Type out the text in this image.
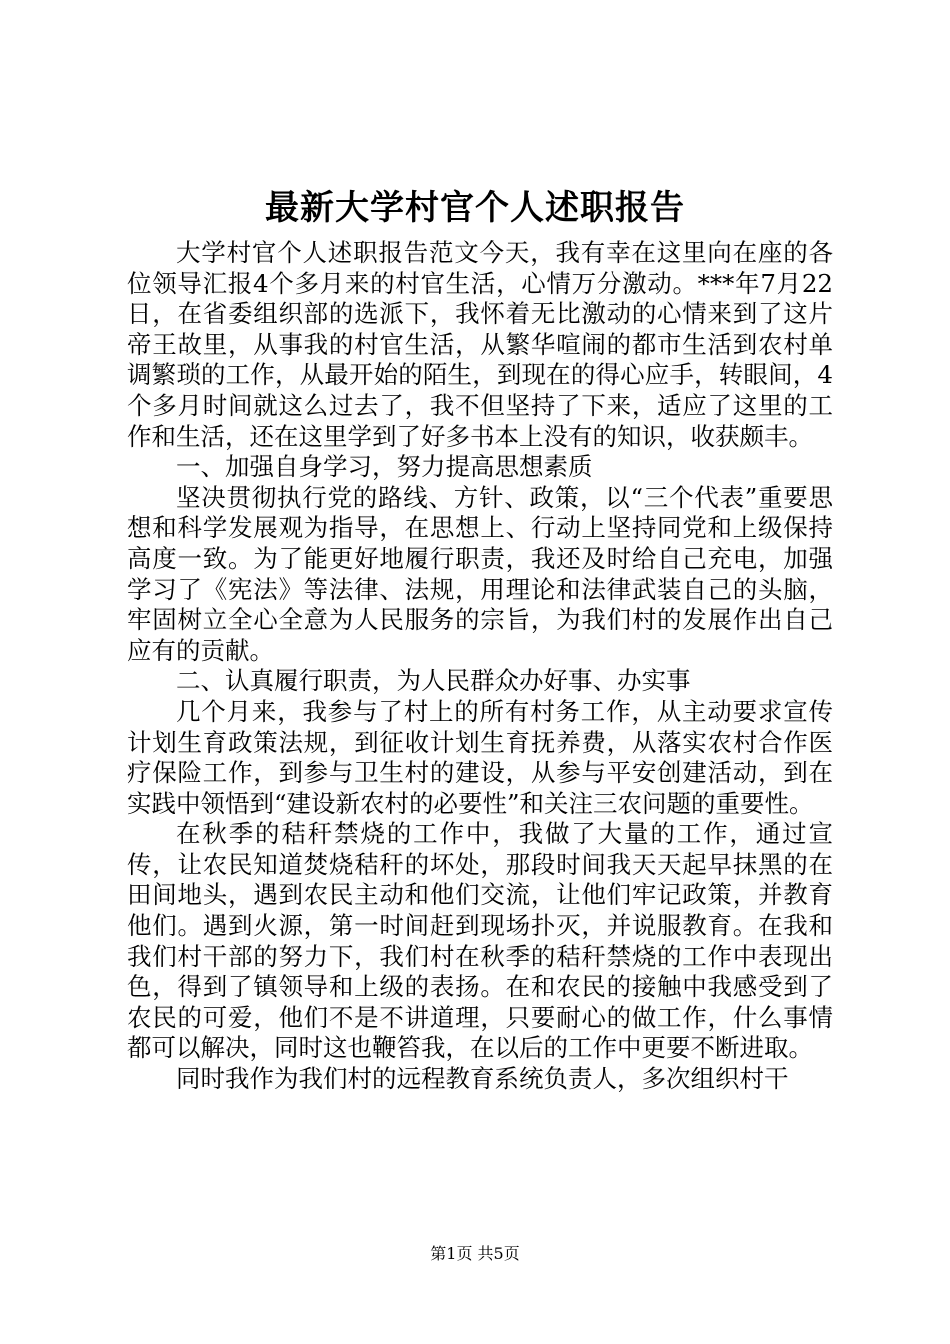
最新大学村官个人述职报告

大学村官个人述职报告范文今天，我有幸在这里向在座的各位领导汇报4个多月来的村官生活，心情万分激动。***年7月22日，在省委组织部的选派下，我怀着无比激动的心情来到了这片帝王故里，从事我的村官生活，从繁华喧闹的都市生活到农村单调繁琐的工作，从最开始的陌生，到现在的得心应手，转眼间，4个多月时间就这么过去了，我不但坚持了下来，适应了这里的工作和生活，还在这里学到了好多书本上没有的知识，收获颇丰。

一、加强自身学习，努力提高思想素质

坚决贯彻执行党的路线、方针、政策，以“三个代表”重要思想和科学发展观为指导，在思想上、行动上坚持同党和上级保持高度一致。为了能更好地履行职责，我还及时给自己充电，加强学习了《宪法》等法律、法规，用理论和法律武装自己的头脑，牢固树立全心全意为人民服务的宗旨，为我们村的发展作出自己应有的贡献。

二、认真履行职责，为人民群众办好事、办实事

几个月来，我参与了村上的所有村务工作，从主动要求宣传计划生育政策法规，到征收计划生育抚养费，从落实农村合作医疗保险工作，到参与卫生村的建设，从参与平安创建活动，到在实践中领悟到“建设新农村的必要性”和关注三农问题的重要性。

在秋季的秸秆禁烧的工作中，我做了大量的工作，通过宣传，让农民知道焚烧秸秆的坏处，那段时间我天天起早抹黑的在田间地头，遇到农民主动和他们交流，让他们牢记政策，并教育他们。遇到火源，第一时间赶到现场扑灭，并说服教育。在我和我们村干部的努力下，我们村在秋季的秸秆禁烧的工作中表现出色，得到了镇领导和上级的表扬。在和农民的接触中我感受到了农民的可爱，他们不是不讲道理，只要耐心的做工作，什么事情都可以解决，同时这也鞭笞我，在以后的工作中更要不断进取。

同时我作为我们村的远程教育系统负责人，多次组织村干

第1页 共5页
